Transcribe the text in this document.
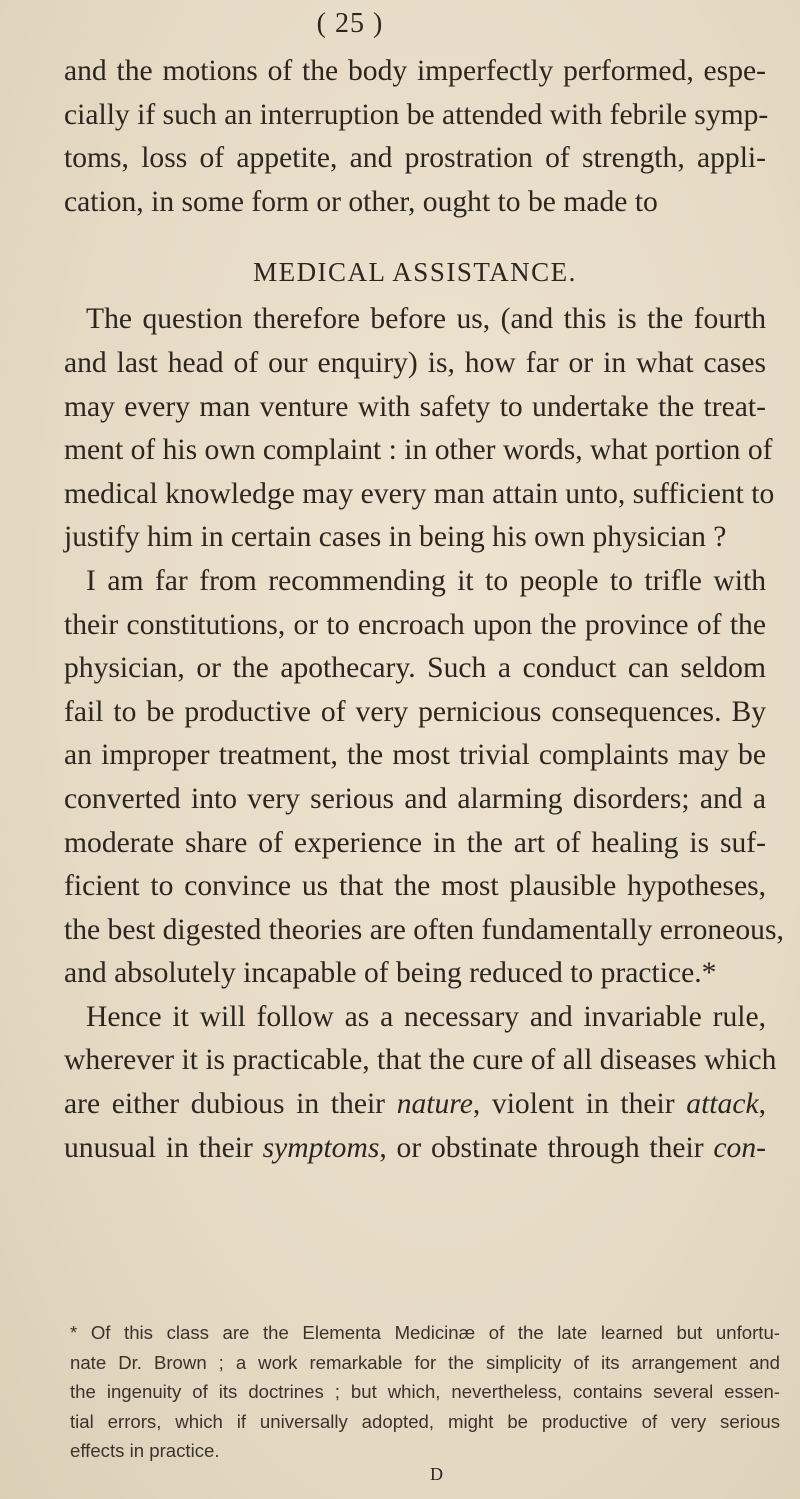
( 25 )
and the motions of the body imperfectly performed, espe-
cially if such an interruption be attended with febrile symp-
toms, loss of appetite, and prostration of strength, appli-
cation, in some form or other, ought to be made to
MEDICAL ASSISTANCE.
The question therefore before us, (and this is the fourth
and last head of our enquiry) is, how far or in what cases
may every man venture with safety to undertake the treat-
ment of his own complaint : in other words, what portion of
medical knowledge may every man attain unto, sufficient to
justify him in certain cases in being his own physician ?
I am far from recommending it to people to trifle with
their constitutions, or to encroach upon the province of the
physician, or the apothecary. Such a conduct can seldom
fail to be productive of very pernicious consequences. By
an improper treatment, the most trivial complaints may be
converted into very serious and alarming disorders; and a
moderate share of experience in the art of healing is suf-
ficient to convince us that the most plausible hypotheses,
the best digested theories are often fundamentally erroneous,
and absolutely incapable of being reduced to practice.*
Hence it will follow as a necessary and invariable rule,
wherever it is practicable, that the cure of all diseases which
are either dubious in their nature, violent in their attack,
unusual in their symptoms, or obstinate through their con-
* Of this class are the Elementa Medicinæ of the late learned but unfortu-
nate Dr. Brown ; a work remarkable for the simplicity of its arrangement and
the ingenuity of its doctrines ; but which, nevertheless, contains several essen-
tial errors, which if universally adopted, might be productive of very serious
effects in practice.
D
